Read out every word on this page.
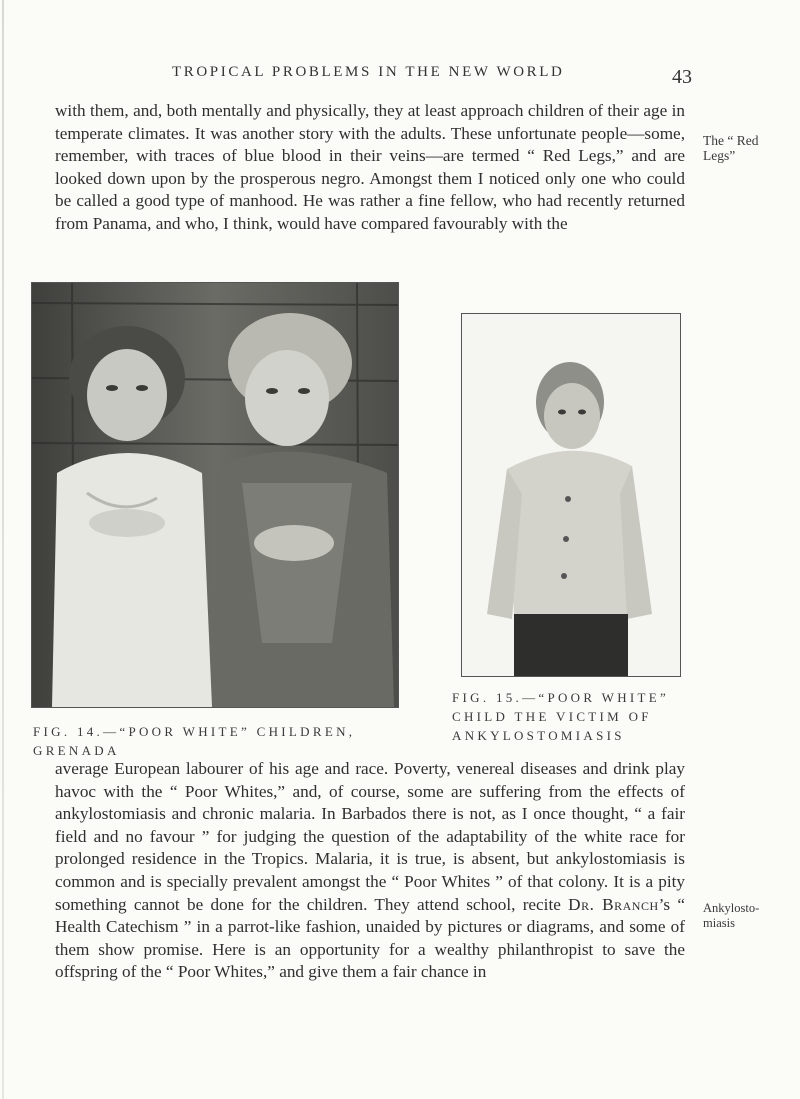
TROPICAL PROBLEMS IN THE NEW WORLD	43

with them, and, both mentally and physically, they at least approach children of their age in temperate climates. It was another story with the adults. These unfortunate people—some, remember, with traces of blue blood in their veins—are termed “ Red Legs,” and are looked down upon by the prosperous negro. Amongst them I noticed only one who could be called a good type of manhood. He was rather a fine fellow, who had recently returned from Panama, and who, I think, would have compared favourably with the

The “ Red Legs”
FIG. 14.—“POOR WHITE” CHILDREN, GRENADA
FIG. 15.—“POOR WHITE” CHILD THE VICTIM OF ANKYLOSTOMIASIS

average European labourer of his age and race. Poverty, venereal diseases and drink play havoc with the “ Poor Whites,” and, of course, some are suffering from the effects of ankylostomiasis and chronic malaria. In Barbados there is not, as I once thought, “ a fair field and no favour ” for judging the question of the adaptability of the white race for prolonged residence in the Tropics. Malaria, it is true, is absent, but ankylostomiasis is common and is specially prevalent amongst the “ Poor Whites ” of that colony. It is a pity something cannot be done for the children. They attend school, recite Dr. Branch’s “ Health Catechism ” in a parrot-like fashion, unaided by pictures or diagrams, and some of them show promise. Here is an opportunity for a wealthy philanthropist to save the offspring of the “ Poor Whites,” and give them a fair chance in

Ankylosto-miasis
